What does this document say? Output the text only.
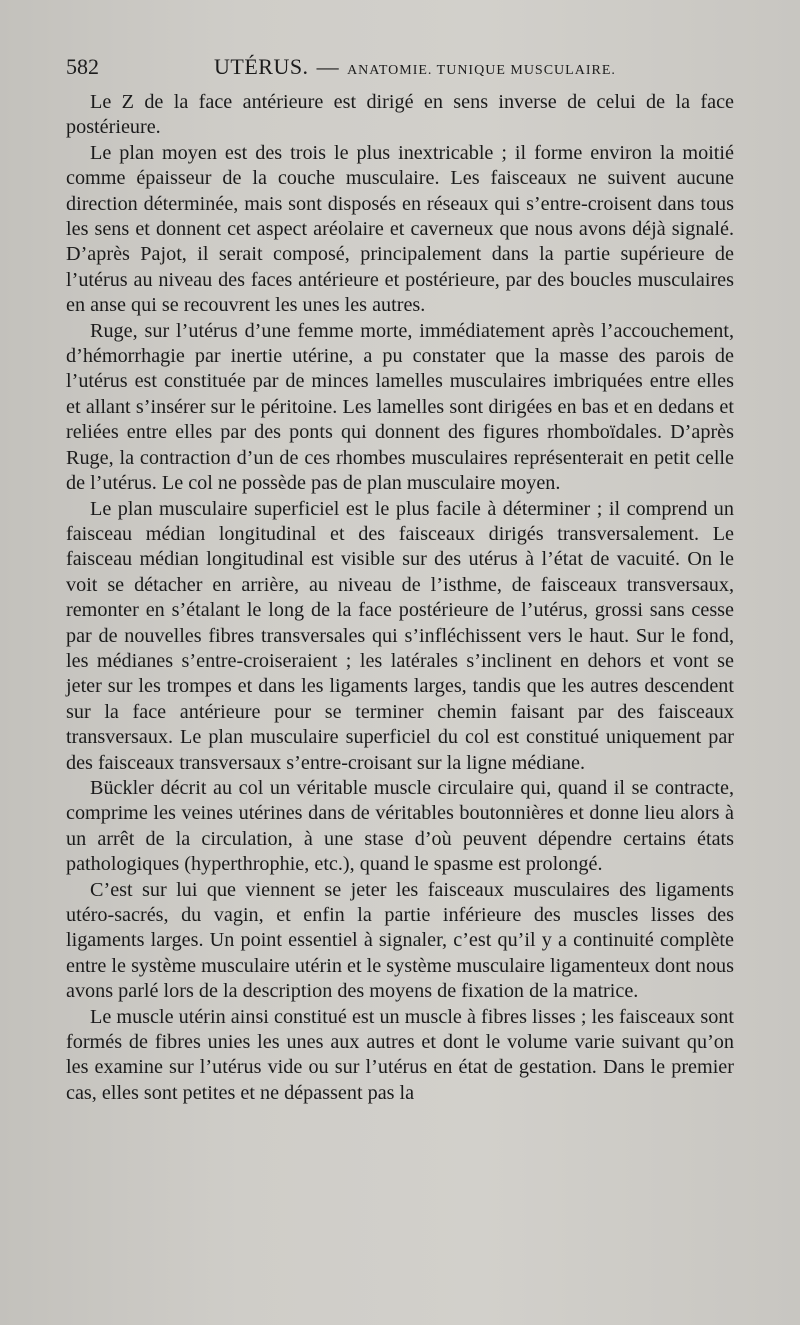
582	UTÉRUS. — ANATOMIE. TUNIQUE MUSCULAIRE.

Le Z de la face antérieure est dirigé en sens inverse de celui de la face postérieure.

Le plan moyen est des trois le plus inextricable ; il forme environ la moitié comme épaisseur de la couche musculaire. Les faisceaux ne suivent aucune direction déterminée, mais sont disposés en réseaux qui s’entre-croisent dans tous les sens et donnent cet aspect aréolaire et caverneux que nous avons déjà signalé. D’après Pajot, il serait composé, principalement dans la partie supérieure de l’utérus au niveau des faces antérieure et postérieure, par des boucles musculaires en anse qui se recouvrent les unes les autres.

Ruge, sur l’utérus d’une femme morte, immédiatement après l’accouchement, d’hémorrhagie par inertie utérine, a pu constater que la masse des parois de l’utérus est constituée par de minces lamelles musculaires imbriquées entre elles et allant s’insérer sur le péritoine. Les lamelles sont dirigées en bas et en dedans et reliées entre elles par des ponts qui donnent des figures rhomboïdales. D’après Ruge, la contraction d’un de ces rhombes musculaires représenterait en petit celle de l’utérus. Le col ne possède pas de plan musculaire moyen.

Le plan musculaire superficiel est le plus facile à déterminer ; il comprend un faisceau médian longitudinal et des faisceaux dirigés transversalement. Le faisceau médian longitudinal est visible sur des utérus à l’état de vacuité. On le voit se détacher en arrière, au niveau de l’isthme, de faisceaux transversaux, remonter en s’étalant le long de la face postérieure de l’utérus, grossi sans cesse par de nouvelles fibres transversales qui s’infléchissent vers le haut. Sur le fond, les médianes s’entre-croiseraient ; les latérales s’inclinent en dehors et vont se jeter sur les trompes et dans les ligaments larges, tandis que les autres descendent sur la face antérieure pour se terminer chemin faisant par des faisceaux transversaux. Le plan musculaire superficiel du col est constitué uniquement par des faisceaux transversaux s’entre-croisant sur la ligne médiane.

Bückler décrit au col un véritable muscle circulaire qui, quand il se contracte, comprime les veines utérines dans de véritables boutonnières et donne lieu alors à un arrêt de la circulation, à une stase d’où peuvent dépendre certains états pathologiques (hyperthrophie, etc.), quand le spasme est prolongé.

C’est sur lui que viennent se jeter les faisceaux musculaires des ligaments utéro-sacrés, du vagin, et enfin la partie inférieure des muscles lisses des ligaments larges. Un point essentiel à signaler, c’est qu’il y a continuité complète entre le système musculaire utérin et le système musculaire ligamenteux dont nous avons parlé lors de la description des moyens de fixation de la matrice.

Le muscle utérin ainsi constitué est un muscle à fibres lisses ; les faisceaux sont formés de fibres unies les unes aux autres et dont le volume varie suivant qu’on les examine sur l’utérus vide ou sur l’utérus en état de gestation. Dans le premier cas, elles sont petites et ne dépassent pas la
